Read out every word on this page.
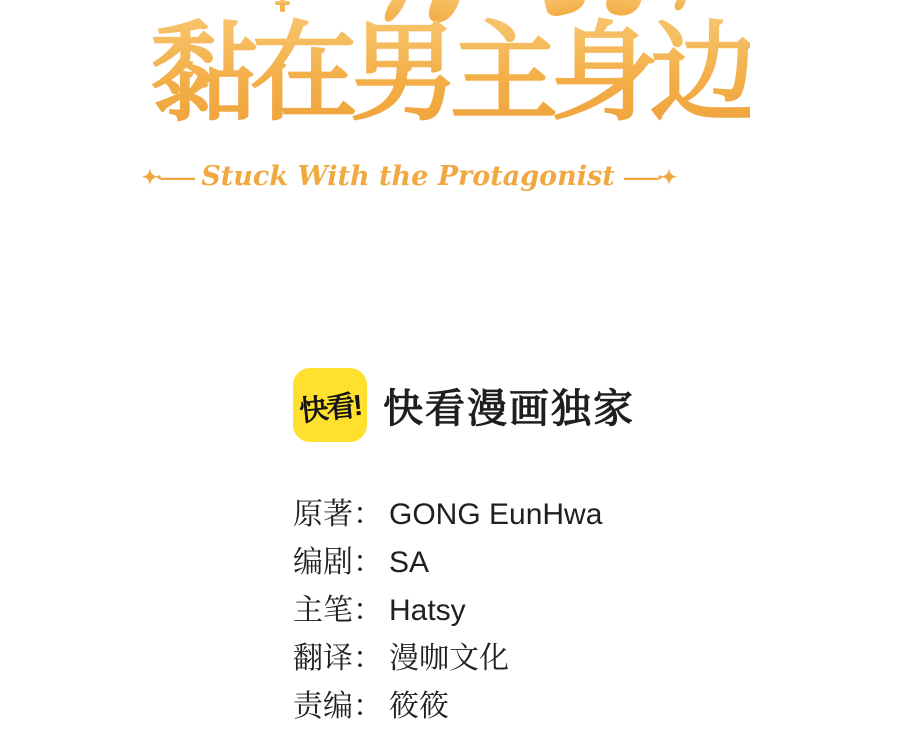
黏在男主身边
✦·—— Stuck With the Protagonist ——·✦
快看! 快看漫画独家
原著： GONG EunHwa
编剧： SA
主笔： Hatsy
翻译： 漫咖文化
责编： 筱筱
